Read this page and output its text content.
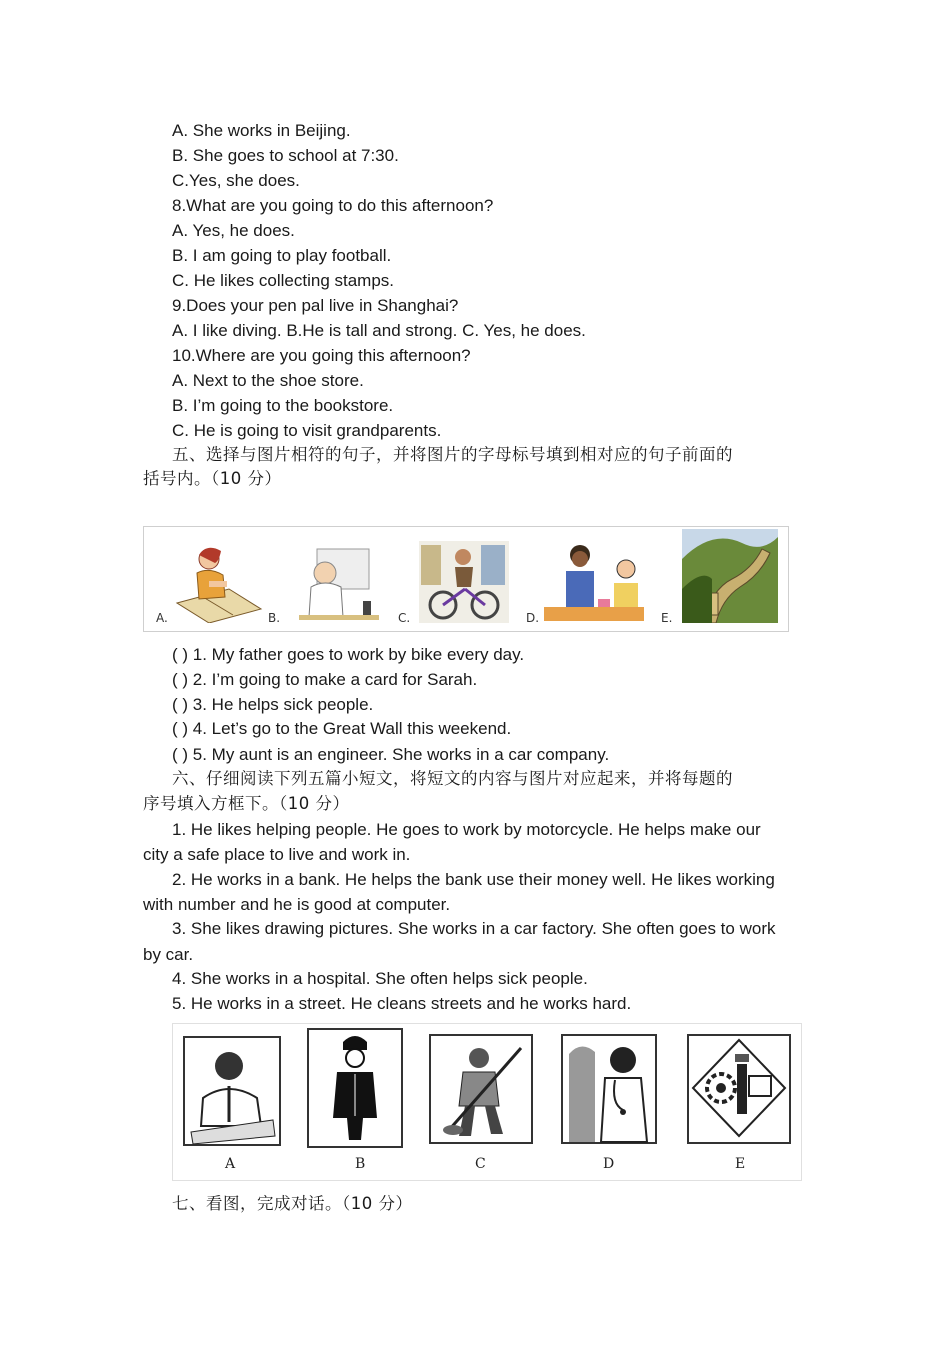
A. She works in Beijing.
B. She goes to school at 7:30.
C.Yes, she does.
8.What are you going to do this afternoon?
A. Yes, he does.
B. I am going to play football.
C. He likes collecting stamps.
9.Does your pen pal live in Shanghai?
A. I like diving. B.He is tall and strong. C. Yes, he does.
10.Where are you going this afternoon?
A. Next to the shoe store.
B. I’m going to the bookstore.
C. He is going to visit grandparents.
五、选择与图片相符的句子，并将图片的字母标号填到相对应的句子前面的
括号内。（10 分）
A.	B.	C.	D.	E.
( ) 1. My father goes to work by bike every day.
( ) 2. I’m going to make a card for Sarah.
( ) 3. He helps sick people.
( ) 4. Let’s go to the Great Wall this weekend.
( ) 5. My aunt is an engineer. She works in a car company.
六、仔细阅读下列五篇小短文，将短文的内容与图片对应起来，并将每题的
序号填入方框下。（10 分）
1. He likes helping people. He goes to work by motorcycle. He helps make our
city a safe place to live and work in.
2. He works in a bank. He helps the bank use their money well. He likes working
with number and he is good at computer.
3. She likes drawing pictures. She works in a car factory. She often goes to work
by car.
4. She works in a hospital. She often helps sick people.
5. He works in a street. He cleans streets and he works hard.
A	B	C	D	E
七、看图，完成对话。（10 分）
